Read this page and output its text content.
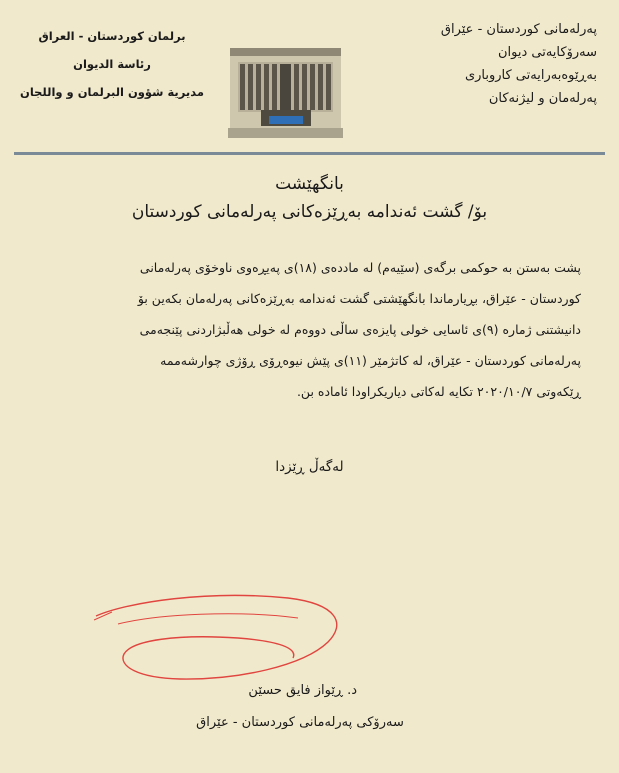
پەرلەمانی کوردستان - عێراق
سەرۆکایەتی دیوان
بەڕێوەبەرایەتی کاروباری
پەرلەمان و لیژنەکان
برلمان كوردستان - العراق
رئاسة الديوان
مدیرية شؤون البرلمان و واللجان
بانگهێشت
بۆ/ گشت ئەندامە بەڕێزەکانی پەرلەمانی کوردستان
پشت بەستن بە حوکمی برگەی (سێیەم) لە ماددەی (١٨)ی پەیڕەوی ناوخۆی پەرلەمانی
کوردستان - عێراق، بڕیارماندا بانگهێشتی گشت ئەندامە بەڕێزەکانی پەرلەمان بکەین بۆ
دانیشتنی ژمارە (٩)ی ئاسایی خولی پایزەی ساڵی دووەم لە خولی هەڵبژاردنی پێنجەمی
پەرلەمانی کوردستان - عێراق، لە کاتژمێر (١١)ی پێش نیوەڕۆی ڕۆژی چوارشەممە
ڕێکەوتی ٢٠٢٠/١٠/٧ تکایە لەکاتی دیاریکراودا ئامادە بن.
لەگەڵ ڕێزدا
د. ڕێواز فایق حسێن
سەرۆکی پەرلەمانی کوردستان - عێراق
